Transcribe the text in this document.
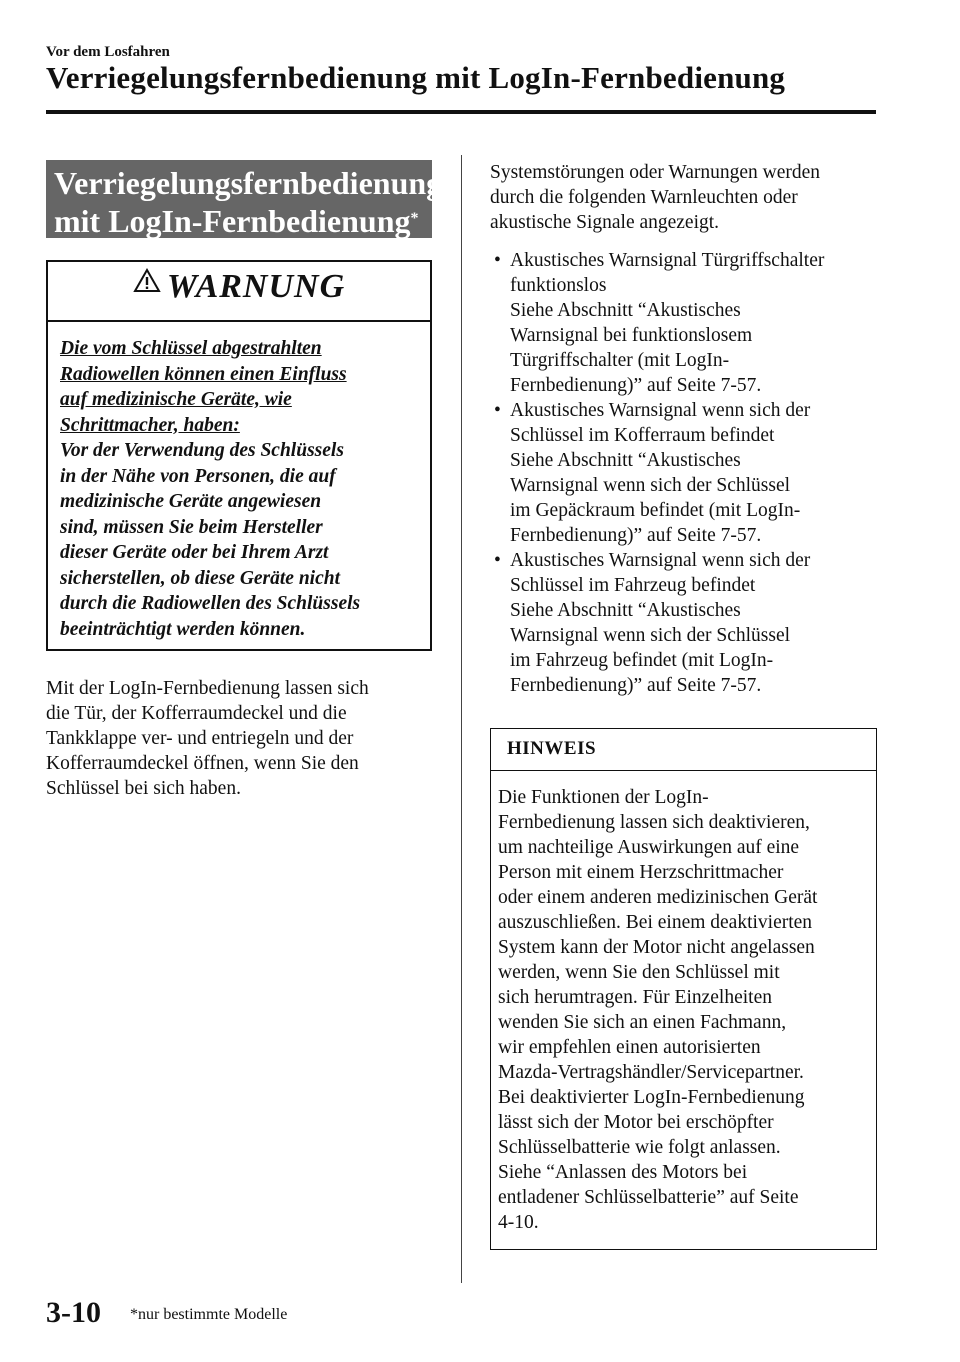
Vor dem Losfahren
Verriegelungsfernbedienung mit LogIn-Fernbedienung
Verriegelungsfernbedienung
mit LogIn-Fernbedienung*
WARNUNG
Die vom Schlüssel abgestrahlten
Radiowellen können einen Einfluss
auf medizinische Geräte, wie
Schrittmacher, haben:
Vor der Verwendung des Schlüssels
in der Nähe von Personen, die auf
medizinische Geräte angewiesen
sind, müssen Sie beim Hersteller
dieser Geräte oder bei Ihrem Arzt
sicherstellen, ob diese Geräte nicht
durch die Radiowellen des Schlüssels
beeinträchtigt werden können.
Mit der LogIn-Fernbedienung lassen sich
die Tür, der Kofferraumdeckel und die
Tankklappe ver- und entriegeln und der
Kofferraumdeckel öffnen, wenn Sie den
Schlüssel bei sich haben.
Systemstörungen oder Warnungen werden
durch die folgenden Warnleuchten oder
akustische Signale angezeigt.
• Akustisches Warnsignal Türgriffschalter
funktionslos
Siehe Abschnitt “Akustisches
Warnsignal bei funktionslosem
Türgriffschalter (mit LogIn-
Fernbedienung)” auf Seite 7-57.
• Akustisches Warnsignal wenn sich der
Schlüssel im Kofferraum befindet
Siehe Abschnitt “Akustisches
Warnsignal wenn sich der Schlüssel
im Gepäckraum befindet (mit LogIn-
Fernbedienung)” auf Seite 7-57.
• Akustisches Warnsignal wenn sich der
Schlüssel im Fahrzeug befindet
Siehe Abschnitt “Akustisches
Warnsignal wenn sich der Schlüssel
im Fahrzeug befindet (mit LogIn-
Fernbedienung)” auf Seite 7-57.
HINWEIS
Die Funktionen der LogIn-
Fernbedienung lassen sich deaktivieren,
um nachteilige Auswirkungen auf eine
Person mit einem Herzschrittmacher
oder einem anderen medizinischen Gerät
auszuschließen. Bei einem deaktivierten
System kann der Motor nicht angelassen
werden, wenn Sie den Schlüssel mit
sich herumtragen. Für Einzelheiten
wenden Sie sich an einen Fachmann,
wir empfehlen einen autorisierten
Mazda-Vertragshändler/Servicepartner.
Bei deaktivierter LogIn-Fernbedienung
lässt sich der Motor bei erschöpfter
Schlüsselbatterie wie folgt anlassen.
Siehe “Anlassen des Motors bei
entladener Schlüsselbatterie” auf Seite
4-10.
3-10 *nur bestimmte Modelle
